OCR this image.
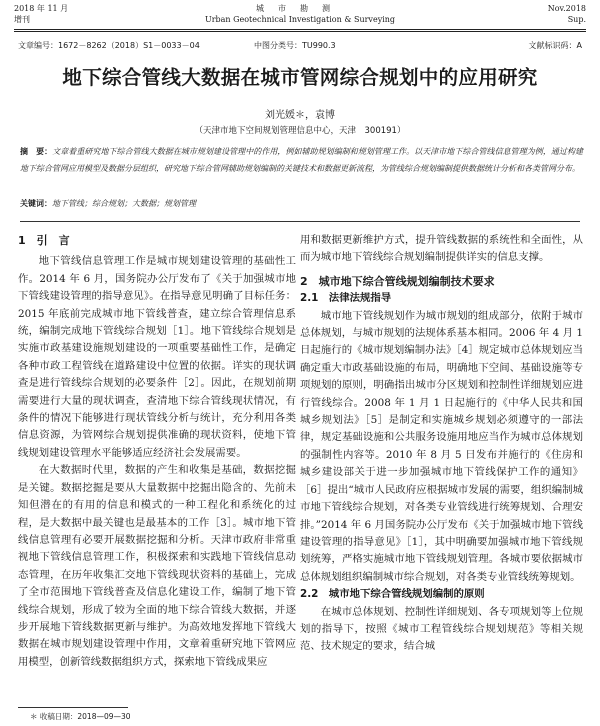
2018 年 11 月
增刊
城市勘测
Urban Geotechnical Investigation & Surveying
Nov.2018
Sup.
文章编号：1672－8262（2018）S1－0033－04	中图分类号：TU990.3	文献标识码：A
地下综合管线大数据在城市管网综合规划中的应用研究
刘光媛＊，袁博
（天津市地下空间规划管理信息中心，天津　300191）
摘　要：文章着重研究地下综合管线大数据在城市规划建设管理中的作用，例如辅助规划编制和规划管理工作。以天津市地下综合管线信息管理为例，通过构建地下综合管网应用模型及数据分层组织，研究地下综合管网辅助规划编制的关键技术和数据更新流程，为管线综合规划编制提供数据统计分析和各类管网分布。
关键词：地下管线；综合规划；大数据；规划管理
1　引　言

地下管线信息管理工作是城市规划建设管理的基础性工作。2014 年 6 月，国务院办公厅发布了《关于加强城市地下管线建设管理的指导意见》。在指导意见明确了目标任务：2015 年底前完成城市地下管线普查，建立综合管理信息系统，编制完成地下管线综合规划［1］。地下管线综合规划是实施市政基建设施规划建设的一项重要基础性工作，是确定各种市政工程管线在道路建设中位置的依据。详实的现状调查是进行管线综合规划的必要条件［2］。因此，在规划前期需要进行大量的现状调查，查清地下综合管线现状情况，有条件的情况下能够进行现状管线分析与统计，充分利用各类信息资源，为管网综合规划提供准确的现状资料，使地下管线规划建设管理水平能够适应经济社会发展需要。

在大数据时代里，数据的产生和收集是基础，数据挖掘是关键。数据挖掘是要从大量数据中挖掘出隐含的、先前未知但潜在的有用的信息和模式的一种工程化和系统化的过程，是大数据中最关键也是最基本的工作［3］。城市地下管线信息管理有必要开展数据挖掘和分析。天津市政府非常重视地下管线信息管理工作，积极探索和实践地下管线信息动态管理，在历年收集汇交地下管线现状资料的基础上，完成了全市范围地下管线普查及信息化建设工作，编制了地下管线综合规划，形成了较为全面的地下综合管线大数据，并逐步开展地下管线数据更新与维护。为高效地发挥地下管线大数据在城市规划建设管理中作用，文章着重研究地下管网应用模型，创新管线数据组织方式，探索地下管线成果应

用和数据更新维护方式，提升管线数据的系统性和全面性，从而为城市地下管线综合规划编制提供详实的信息支撑。

2　城市地下综合管线规划编制技术要求
2.1　法律法规指导

城市地下管线规划作为城市规划的组成部分，依附于城市总体规划，与城市规划的法规体系基本相同。2006 年 4 月 1 日起施行的《城市规划编制办法》［4］规定城市总体规划应当确定重大市政基础设施的布局，明确地下空间、基础设施等专项规划的原则，明确指出城市分区规划和控制性详细规划应进行管线综合。2008 年 1 月 1 日起施行的《中华人民共和国城乡规划法》［5］是制定和实施城乡规划必须遵守的一部法律，规定基础设施和公共服务设施用地应当作为城市总体规划的强制性内容等。2010 年 8 月 5 日发布并施行的《住房和城乡建设部关于进一步加强城市地下管线保护工作的通知》［6］提出“城市人民政府应根据城市发展的需要，组织编制城市地下管线综合规划，对各类专业管线进行统筹规划、合理安排。”2014 年 6 月国务院办公厅发布《关于加强城市地下管线建设管理的指导意见》［1］，其中明确要加强城市地下管线规划统筹，严格实施城市地下管线规划管理。各城市要依据城市总体规划组织编制城市综合规划，对各类专业管线统筹规划。

2.2　城市地下综合管线规划编制的原则

在城市总体规划、控制性详细规划、各专项规划等上位规划的指导下，按照《城市工程管线综合规划规范》等相关规范、技术规定的要求，结合城

＊ 收稿日期：2018—09—30
